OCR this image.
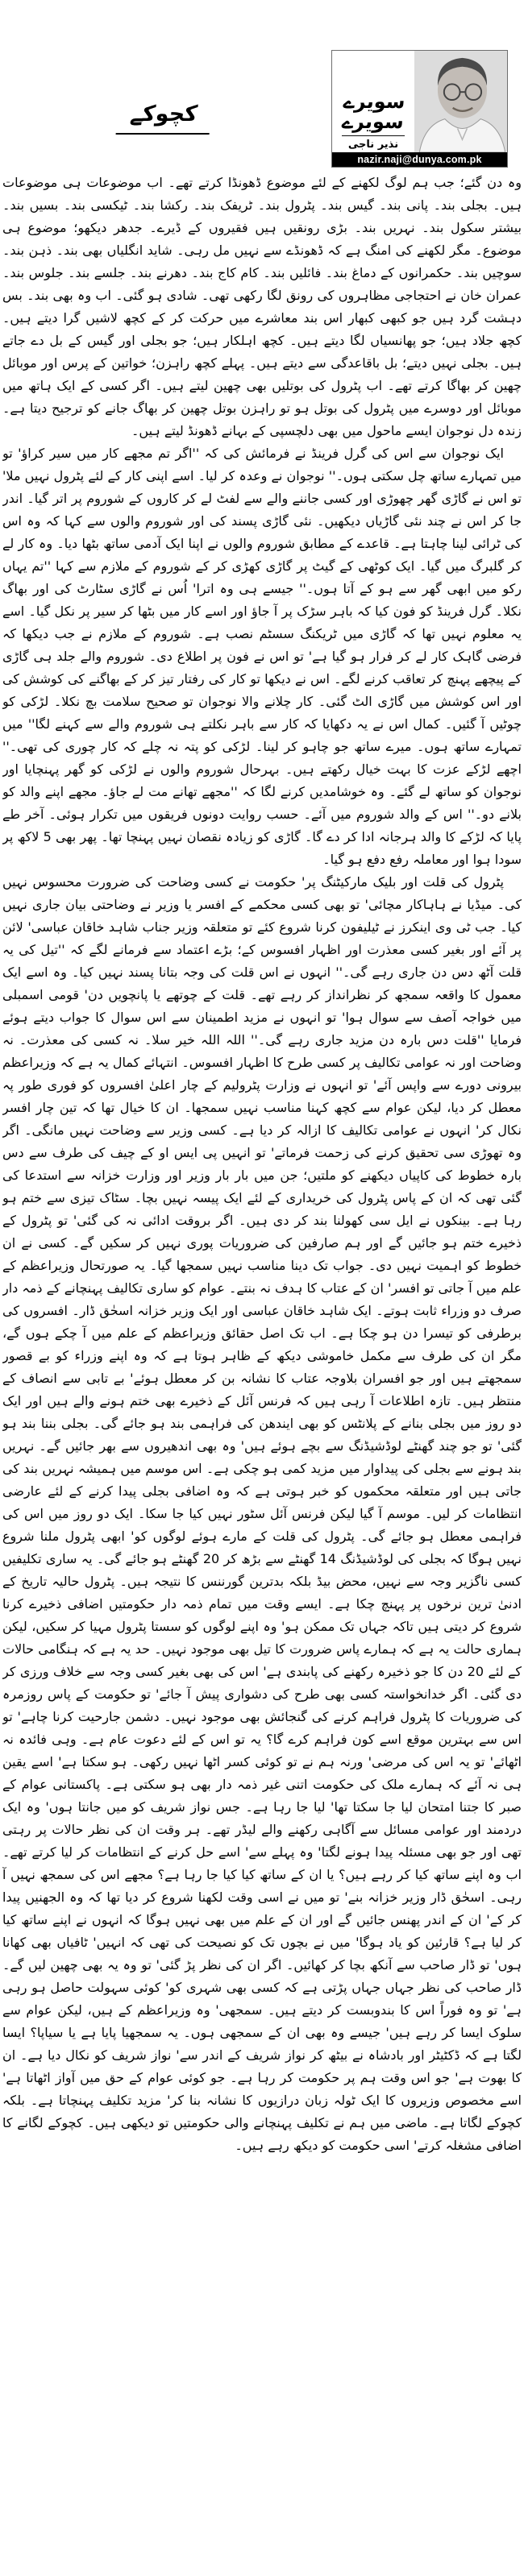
سویرے
سویرے
نذیر ناجی
nazir.naji@dunya.com.pk
کچوکے

وہ دن گئے؛ جب ہم لوگ لکھنے کے لئے موضوع ڈھونڈا کرتے تھے۔ اب موضوعات ہی موضوعات ہیں۔ بجلی بند۔ پانی بند۔ گیس بند۔ پٹرول بند۔ ٹریفک بند۔ رکشا بند۔ ٹیکسی بند۔ بسیں بند۔ بیشتر سکول بند۔ نہریں بند۔ بڑی رونقیں ہیں فقیروں کے ڈیرے۔ جدھر دیکھو؛ موضوع ہی موضوع۔ مگر لکھنے کی امنگ ہے کہ ڈھونڈے سے نہیں مل رہی۔ شاید انگلیاں بھی بند۔ ذہن بند۔ سوچیں بند۔ حکمرانوں کے دماغ بند۔ فائلیں بند۔ کام کاج بند۔ دھرنے بند۔ جلسے بند۔ جلوس بند۔ عمران خان نے احتجاجی مظاہروں کی رونق لگا رکھی تھی۔ شادی ہو گئی۔ اب وہ بھی بند۔ بس دہشت گرد ہیں جو کبھی کبھار اس بند معاشرے میں حرکت کر کے کچھ لاشیں گرا دیتے ہیں۔ کچھ جلاد ہیں؛ جو پھانسیاں لگا دیتے ہیں۔ کچھ اہلکار ہیں؛ جو بجلی اور گیس کے بل دے جاتے ہیں۔ بجلی نہیں دیتے؛ بل باقاعدگی سے دیتے ہیں۔ پہلے کچھ راہزن؛ خواتین کے پرس اور موبائل چھین کر بھاگا کرتے تھے۔ اب پٹرول کی بوتلیں بھی چھین لیتے ہیں۔ اگر کسی کے ایک ہاتھ میں موبائل اور دوسرے میں پٹرول کی بوتل ہو تو راہزن بوتل چھین کر بھاگ جانے کو ترجیح دیتا ہے۔ زندہ دل نوجوان ایسے ماحول میں بھی دلچسپی کے بہانے ڈھونڈ لیتے ہیں۔

ایک نوجوان سے اس کی گرل فرینڈ نے فرمائش کی کہ ''اگر تم مجھے کار میں سیر کراؤ' تو میں تمہارے ساتھ چل سکتی ہوں۔'' نوجوان نے وعدہ کر لیا۔ اسے اپنی کار کے لئے پٹرول نہیں ملا' تو اس نے گاڑی گھر چھوڑی اور کسی جاننے والے سے لفٹ لے کر کاروں کے شوروم پر اتر گیا۔ اندر جا کر اس نے چند نئی گاڑیاں دیکھیں۔ نئی گاڑی پسند کی اور شوروم والوں سے کہا کہ وہ اس کی ٹرائی لینا چاہتا ہے۔ قاعدے کے مطابق شوروم والوں نے اپنا ایک آدمی ساتھ بٹھا دیا۔ وہ کار لے کر گلبرگ میں گیا۔ ایک کوٹھی کے گیٹ پر گاڑی کھڑی کر کے شوروم کے ملازم سے کہا ''تم یہاں رکو میں ابھی گھر سے ہو کے آتا ہوں۔'' جیسے ہی وہ اترا' اُس نے گاڑی سٹارٹ کی اور بھاگ نکلا۔ گرل فرینڈ کو فون کیا کہ باہر سڑک پر آ جاؤ اور اسے کار میں بٹھا کر سیر پر نکل گیا۔ اسے یہ معلوم نہیں تھا کہ گاڑی میں ٹریکنگ سسٹم نصب ہے۔ شوروم کے ملازم نے جب دیکھا کہ فرضی گاہک کار لے کر فرار ہو گیا ہے' تو اس نے فون پر اطلاع دی۔ شوروم والے جلد ہی گاڑی کے پیچھے پہنچ کر تعاقب کرنے لگے۔ اس نے دیکھا تو کار کی رفتار تیز کر کے بھاگنے کی کوشش کی اور اس کوشش میں گاڑی الٹ گئی۔ کار چلانے والا نوجوان تو صحیح سلامت بچ نکلا۔ لڑکی کو چوٹیں آ گئیں۔ کمال اس نے یہ دکھایا کہ کار سے باہر نکلتے ہی شوروم والے سے کہنے لگا'' میں تمہارے ساتھ ہوں۔ میرے ساتھ جو چاہو کر لینا۔ لڑکی کو پتہ نہ چلے کہ کار چوری کی تھی۔'' اچھے لڑکے عزت کا بہت خیال رکھتے ہیں۔ بہرحال شوروم والوں نے لڑکی کو گھر پہنچایا اور نوجوان کو ساتھ لے گئے۔ وہ خوشامدیں کرنے لگا کہ ''مجھے تھانے مت لے جاؤ۔ مجھے اپنے والد کو بلانے دو۔'' اس کے والد شوروم میں آئے۔ حسب روایت دونوں فریقوں میں تکرار ہوئی۔ آخر طے پایا کہ لڑکے کا والد ہرجانہ ادا کر دے گا۔ گاڑی کو زیادہ نقصان نہیں پہنچا تھا۔ پھر بھی 5 لاکھ پر سودا ہوا اور معاملہ رفع دفع ہو گیا۔

پٹرول کی قلت اور بلیک مارکیٹنگ پر' حکومت نے کسی وضاحت کی ضرورت محسوس نہیں کی۔ میڈیا نے ہاہاکار مچائی' تو بھی کسی محکمے کے افسر یا وزیر نے وضاحتی بیان جاری نہیں کیا۔ جب ٹی وی اینکرز نے ٹیلیفون کرنا شروع کئے تو متعلقہ وزیر جناب شاہد خاقان عباسی' لائن پر آئے اور بغیر کسی معذرت اور اظہار افسوس کے؛ بڑے اعتماد سے فرمانے لگے کہ ''تیل کی یہ قلت آٹھ دس دن جاری رہے گی۔'' انہوں نے اس قلت کی وجہ بتانا پسند نہیں کیا۔ وہ اسے ایک معمول کا واقعہ سمجھ کر نظرانداز کر رہے تھے۔ قلت کے چوتھے یا پانچویں دن' قومی اسمبلی میں خواجہ آصف سے سوال ہوا' تو انہوں نے مزید اطمینان سے اس سوال کا جواب دیتے ہوئے فرمایا ''قلت دس بارہ دن مزید جاری رہے گی۔'' اللہ اللہ خیر سلا۔ نہ کسی کی معذرت۔ نہ وضاحت اور نہ عوامی تکالیف پر کسی طرح کا اظہار افسوس۔ انتہائے کمال یہ ہے کہ وزیراعظم بیرونی دورے سے واپس آئے' تو انہوں نے وزارت پٹرولیم کے چار اعلیٰ افسروں کو فوری طور پہ معطل کر دیا، لیکن عوام سے کچھ کہنا مناسب نہیں سمجھا۔ ان کا خیال تھا کہ تین چار افسر نکال کر' انہوں نے عوامی تکالیف کا ازالہ کر دیا ہے۔ کسی وزیر سے وضاحت نہیں مانگی۔ اگر وہ تھوڑی سی تحقیق کرنے کی زحمت فرماتے' تو انہیں پی ایس او کے چیف کی طرف سے دس بارہ خطوط کی کاپیاں دیکھنے کو ملتیں؛ جن میں بار بار وزیر اور وزارت خزانہ سے استدعا کی گئی تھی کہ ان کے پاس پٹرول کی خریداری کے لئے ایک پیسہ نہیں بچا۔ سٹاک تیزی سے ختم ہو رہا ہے۔ بینکوں نے ایل سی کھولنا بند کر دی ہیں۔ اگر بروقت ادائی نہ کی گئی' تو پٹرول کے ذخیرے ختم ہو جائیں گے اور ہم صارفین کی ضروریات پوری نہیں کر سکیں گے۔ کسی نے ان خطوط کو اہمیت نہیں دی۔ جواب تک دینا مناسب نہیں سمجھا گیا۔ یہ صورتحال وزیراعظم کے علم میں آ جاتی تو افسر' ان کے عتاب کا ہدف نہ بنتے۔ عوام کو ساری تکالیف پہنچانے کے ذمہ دار صرف دو وزراء ثابت ہوتے۔ ایک شاہد خاقان عباسی اور ایک وزیر خزانہ اسحٰق ڈار۔ افسروں کی برطرفی کو تیسرا دن ہو چکا ہے۔ اب تک اصل حقائق وزیراعظم کے علم میں آ چکے ہوں گے، مگر ان کی طرف سے مکمل خاموشی دیکھ کے ظاہر ہوتا ہے کہ وہ اپنے وزراء کو بے قصور سمجھتے ہیں اور جو افسران بلاوجہ عتاب کا نشانہ بن کر معطل ہوئے' بے تابی سے انصاف کے منتظر ہیں۔ تازہ اطلاعات آ رہی ہیں کہ فرنس آئل کے ذخیرے بھی ختم ہونے والے ہیں اور ایک دو روز میں بجلی بنانے کے پلانٹس کو بھی ایندھن کی فراہمی بند ہو جائے گی۔ بجلی بننا بند ہو گئی' تو جو چند گھنٹے لوڈشیڈنگ سے بچے ہوئے ہیں' وہ بھی اندھیروں سے بھر جائیں گے۔ نہریں بند ہونے سے بجلی کی پیداوار میں مزید کمی ہو چکی ہے۔ اس موسم میں ہمیشہ نہریں بند کی جاتی ہیں اور متعلقہ محکموں کو خبر ہوتی ہے کہ وہ اضافی بجلی پیدا کرنے کے لئے عارضی انتظامات کر لیں۔ موسم آ گیا لیکن فرنس آئل سٹور نہیں کیا جا سکا۔ ایک دو روز میں اس کی فراہمی معطل ہو جائے گی۔ پٹرول کی قلت کے مارے ہوئے لوگوں کو' ابھی پٹرول ملنا شروع نہیں ہوگا کہ بجلی کی لوڈشیڈنگ 14 گھنٹے سے بڑھ کر 20 گھنٹے ہو جائے گی۔ یہ ساری تکلیفیں کسی ناگزیر وجہ سے نہیں، محض بیڈ بلکہ بدترین گورننس کا نتیجہ ہیں۔ پٹرول حالیہ تاریخ کے ادنیٰ ترین نرخوں پر پہنچ چکا ہے۔ ایسے وقت میں تمام ذمہ دار حکومتیں اضافی ذخیرے کرنا شروع کر دیتی ہیں تاکہ جہاں تک ممکن ہو' وہ اپنے لوگوں کو سستا پٹرول مہیا کر سکیں، لیکن ہماری حالت یہ ہے کہ ہمارے پاس ضرورت کا تیل بھی موجود نہیں۔ حد یہ ہے کہ ہنگامی حالات کے لئے 20 دن کا جو ذخیرہ رکھنے کی پابندی ہے' اس کی بھی بغیر کسی وجہ سے خلاف ورزی کر دی گئی۔ اگر خدانخواستہ کسی بھی طرح کی دشواری پیش آ جائے' تو حکومت کے پاس روزمرہ کی ضروریات کا پٹرول فراہم کرنے کی گنجائش بھی موجود نہیں۔ دشمن جارحیت کرنا چاہے' تو اس سے بہترین موقع اسے کون فراہم کرے گا؟ یہ تو اس کے لئے دعوت عام ہے۔ وہی فائدہ نہ اٹھائے' تو یہ اس کی مرضی' ورنہ ہم نے تو کوئی کسر اٹھا نہیں رکھی۔ ہو سکتا ہے' اسے یقین ہی نہ آئے کہ ہمارے ملک کی حکومت اتنی غیر ذمہ دار بھی ہو سکتی ہے۔ پاکستانی عوام کے صبر کا جتنا امتحان لیا جا سکتا تھا' لیا جا رہا ہے۔ جس نواز شریف کو میں جانتا ہوں' وہ ایک دردمند اور عوامی مسائل سے آگاہی رکھنے والے لیڈر تھے۔ ہر وقت ان کی نظر حالات پر رہتی تھی اور جو بھی مسئلہ پیدا ہونے لگتا' وہ پہلے سے' اسے حل کرنے کے انتظامات کر لیا کرتے تھے۔ اب وہ اپنے ساتھ کیا کر رہے ہیں؟ یا ان کے ساتھ کیا کیا جا رہا ہے؟ مجھے اس کی سمجھ نہیں آ رہی۔ اسحٰق ڈار وزیر خزانہ بنے' تو میں نے اسی وقت لکھنا شروع کر دیا تھا کہ وہ الجھنیں پیدا کر کے' ان کے اندر پھنس جائیں گے اور ان کے علم میں بھی نہیں ہوگا کہ انہوں نے اپنے ساتھ کیا کر لیا ہے؟ قارئین کو یاد ہوگا' میں نے بچوں تک کو نصیحت کی تھی کہ انہیں' ٹافیاں بھی کھانا ہوں' تو ڈار صاحب سے آنکھ بچا کر کھائیں۔ اگر ان کی نظر پڑ گئی' تو وہ یہ بھی چھین لیں گے۔ ڈار صاحب کی نظر جہاں جہاں پڑتی ہے کہ کسی بھی شہری کو' کوئی سہولت حاصل ہو رہی ہے' تو وہ فوراً اس کا بندوبست کر دیتے ہیں۔ سمجھی' وہ وزیراعظم کے ہیں، لیکن عوام سے سلوک ایسا کر رہے ہیں' جیسے وہ بھی ان کے سمجھی ہوں۔ یہ سمجھیا پایا ہے یا سیاپا؟ ایسا لگتا ہے کہ ڈکٹیٹر اور بادشاہ نے بیٹھ کر نواز شریف کے اندر سے' نواز شریف کو نکال دیا ہے۔ ان کا بھوت ہے' جو اس وقت ہم پر حکومت کر رہا ہے۔ جو کوئی عوام کے حق میں آواز اٹھاتا ہے' اسے مخصوص وزیروں کا ایک ٹولہ زبان درازیوں کا نشانہ بنا کر' مزید تکلیف پہنچاتا ہے۔ بلکہ کچوکے لگاتا ہے۔ ماضی میں ہم نے تکلیف پہنچانے والی حکومتیں تو دیکھی ہیں۔ کچوکے لگانے کا اضافی مشغلہ کرتے' اسی حکومت کو دیکھ رہے ہیں۔
